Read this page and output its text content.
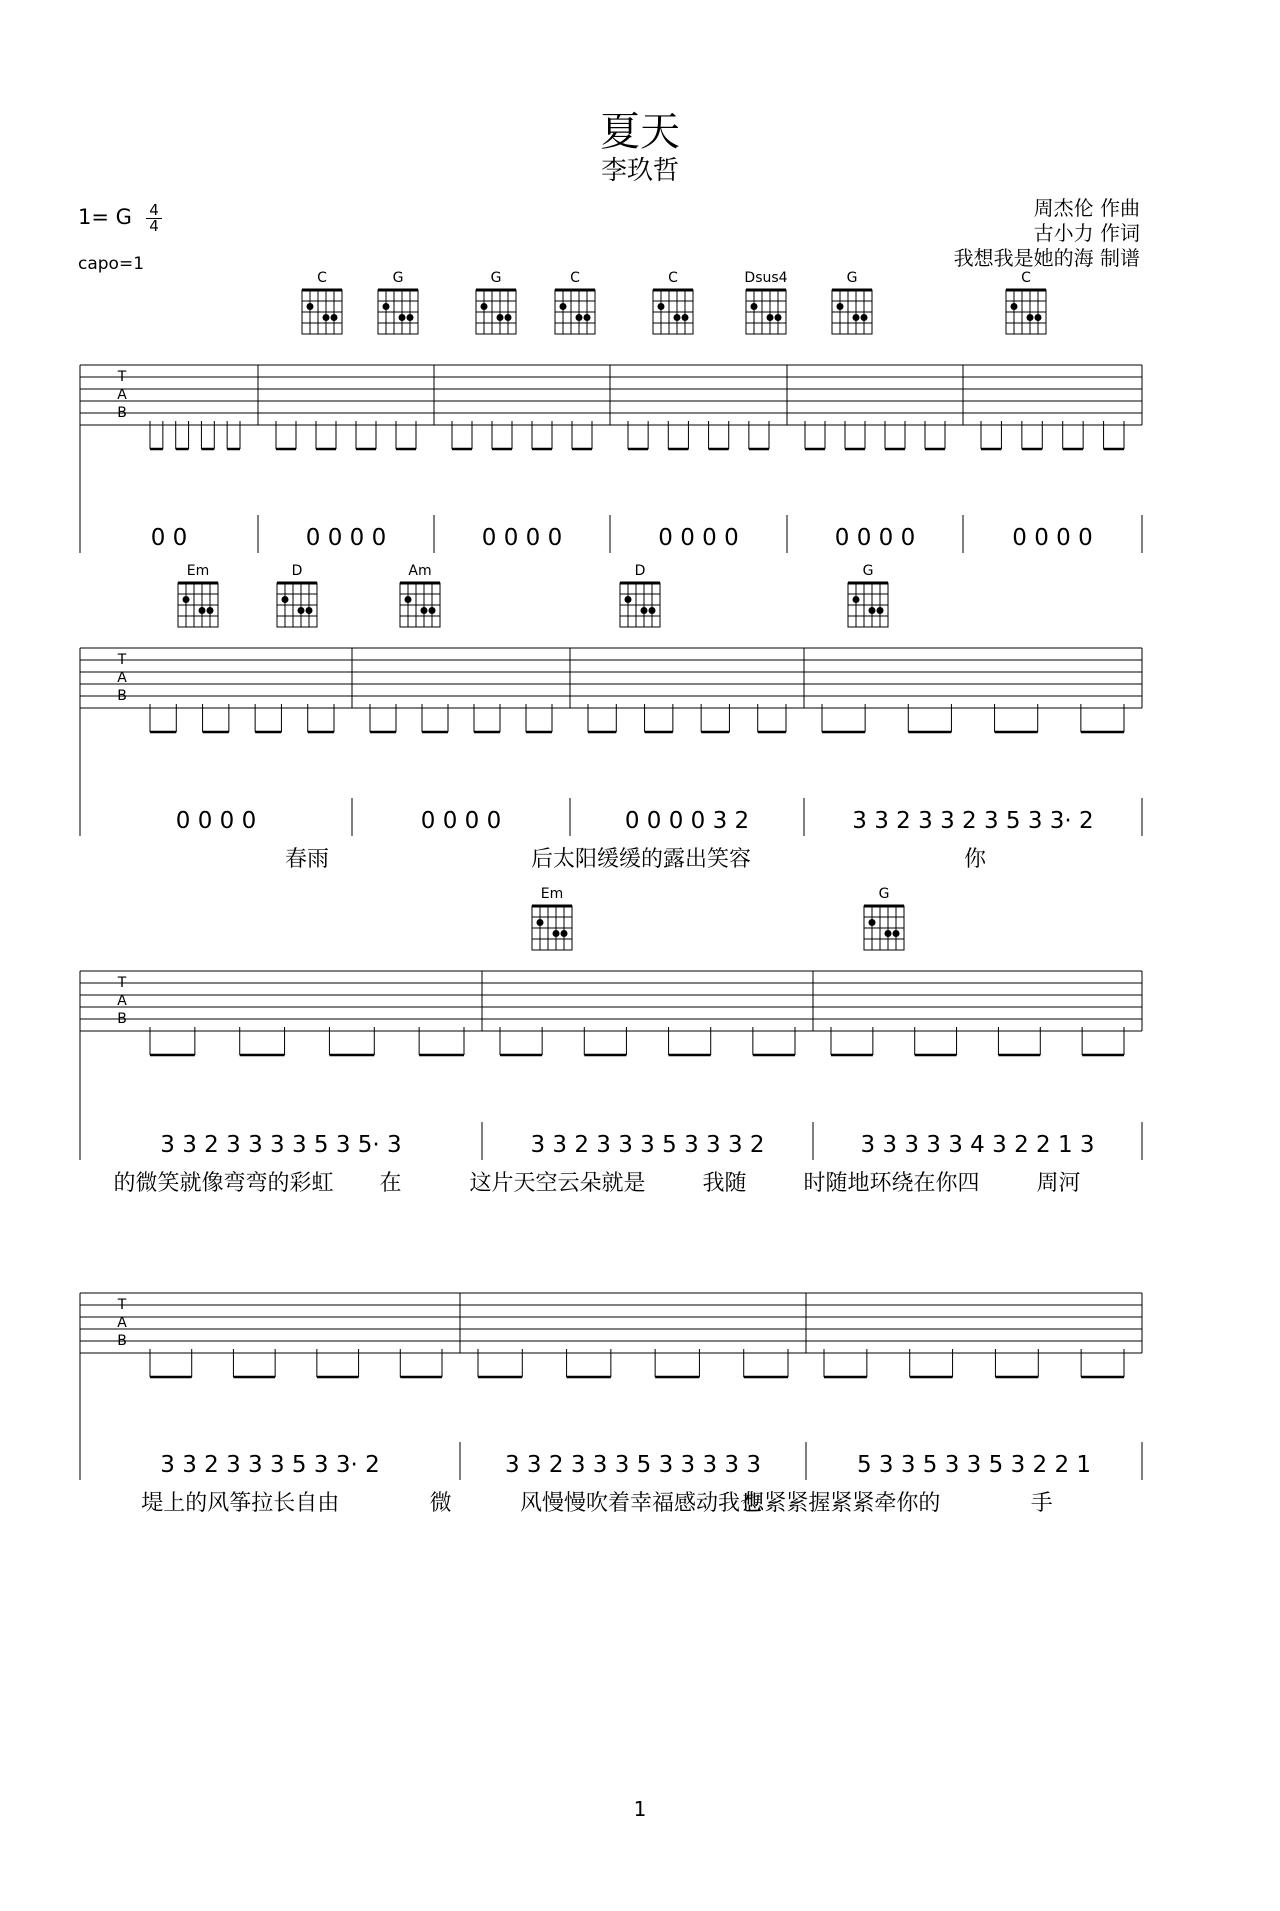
夏天
李玖哲
1= G 4
4
capo=1
周杰伦 作曲
古小力 作词
我想我是她的海 制谱
C	G	G	C	C	Dsus4	G	C
T
A
B
0 0	0 0 0 0	0 0 0 0	0 0 0 0	0 0 0 0	0 0 0 0
Em	D	Am	D	G
T
A
B
0 0 0 0	0 0 0 0	0 0 0 0 3 2	3 3 2 3 3 2 3 5 3 3· 2
春雨	后太阳缓缓的露出笑容	你
Em	G
T
A
B
3 3 2 3 3 3 3 5 3 5· 3	3 3 2 3 3 3 5 3 3 3 2	3 3 3 3 3 4 3 2 2 1 3
的微笑就像弯弯的彩虹 在	这片天空云朵就是	我随	时随地环绕在你四	周河
T
A
B
3 3 2 3 3 3 5 3 3· 2	3 3 2 3 3 3 5 3 3 3 3 3	5 3 3 5 3 3 5 3 2 2 1
堤上的风筝拉长自由	微	风慢慢吹着幸福感动我也
想紧紧握紧紧牵你的	手
1
